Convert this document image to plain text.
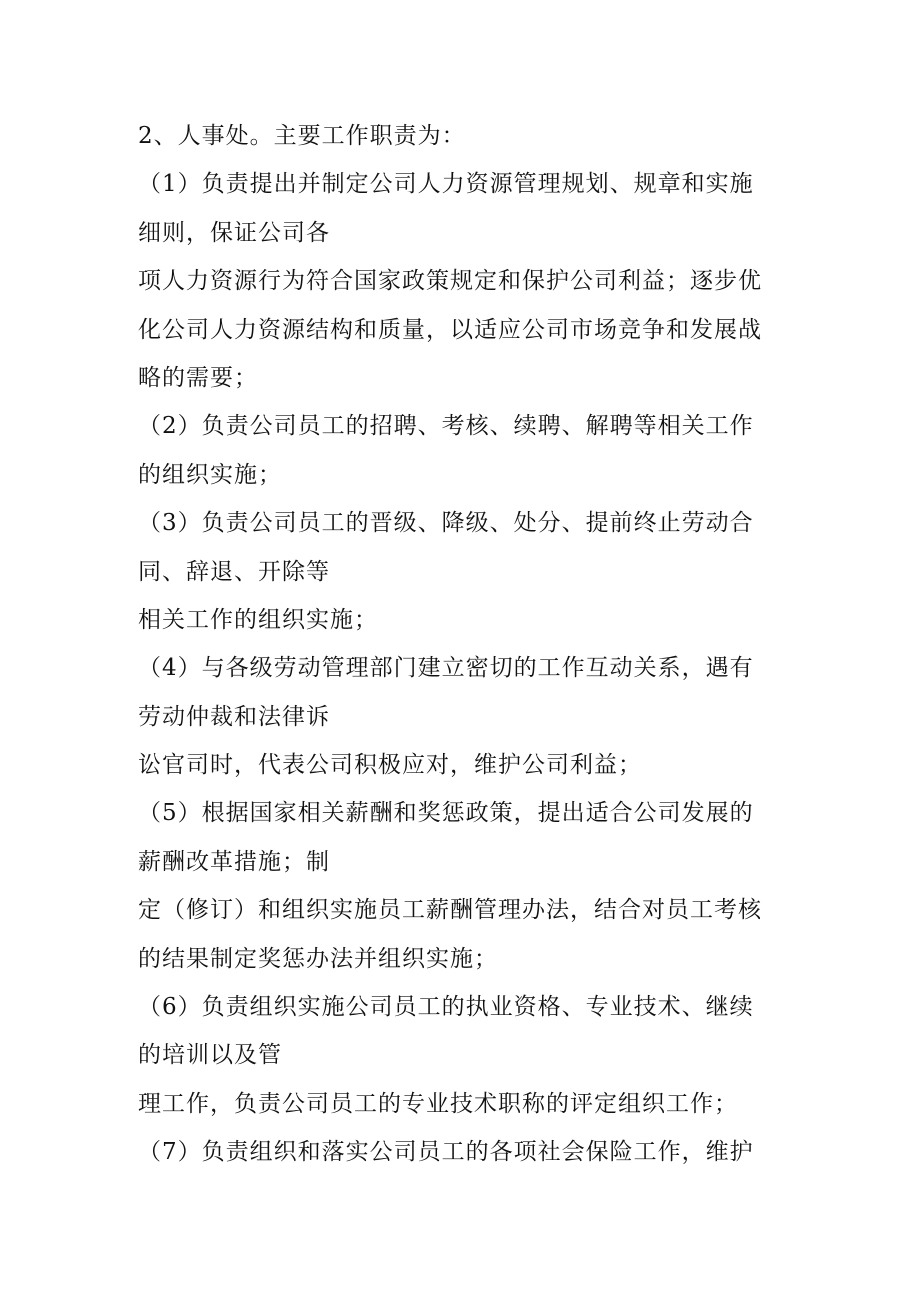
2、人事处。主要工作职责为：
（1）负责提出并制定公司人力资源管理规划、规章和实施
细则，保证公司各
项人力资源行为符合国家政策规定和保护公司利益；逐步优
化公司人力资源结构和质量，以适应公司市场竞争和发展战
略的需要；
（2）负责公司员工的招聘、考核、续聘、解聘等相关工作
的组织实施；
（3）负责公司员工的晋级、降级、处分、提前终止劳动合
同、辞退、开除等
相关工作的组织实施；
（4）与各级劳动管理部门建立密切的工作互动关系，遇有
劳动仲裁和法律诉
讼官司时，代表公司积极应对，维护公司利益；
（5）根据国家相关薪酬和奖惩政策，提出适合公司发展的
薪酬改革措施；制
定（修订）和组织实施员工薪酬管理办法，结合对员工考核
的结果制定奖惩办法并组织实施；
（6）负责组织实施公司员工的执业资格、专业技术、继续
的培训以及管
理工作，负责公司员工的专业技术职称的评定组织工作；
（7）负责组织和落实公司员工的各项社会保险工作，维护
